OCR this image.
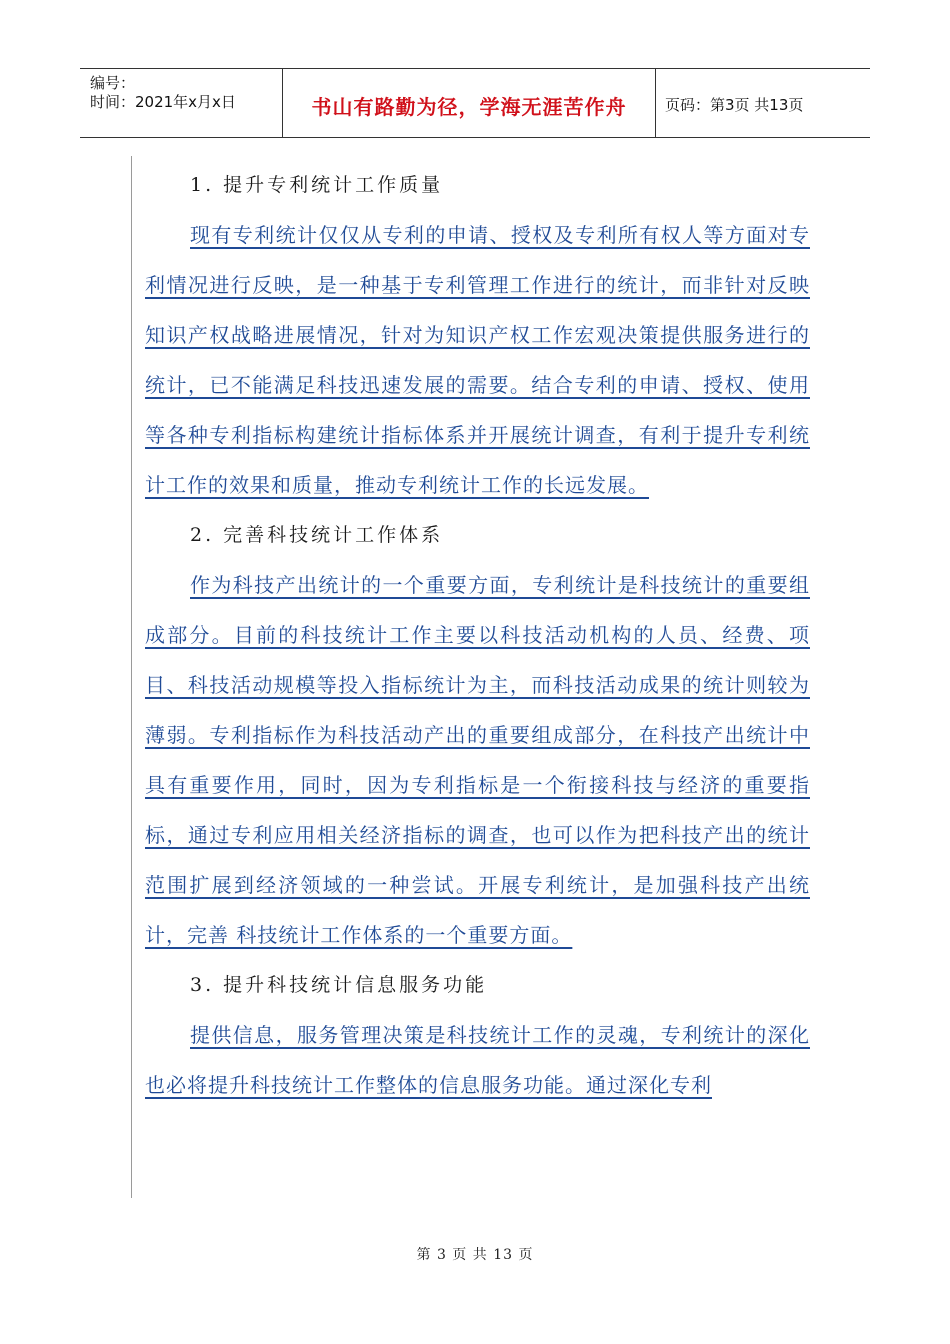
编号：
时间：2021年x月x日	书山有路勤为径，学海无涯苦作舟	页码：第3页 共13页
1. 提升专利统计工作质量

现有专利统计仅仅从专利的申请、授权及专利所有权人等方面对专利情况进行反映，是一种基于专利管理工作进行的统计，而非针对反映知识产权战略进展情况，针对为知识产权工作宏观决策提供服务进行的统计，已不能满足科技迅速发展的需要。结合专利的申请、授权、使用等各种专利指标构建统计指标体系并开展统计调查，有利于提升专利统计工作的效果和质量，推动专利统计工作的长远发展。

2. 完善科技统计工作体系

作为科技产出统计的一个重要方面，专利统计是科技统计的重要组成部分。目前的科技统计工作主要以科技活动机构的人员、经费、项目、科技活动规模等投入指标统计为主，而科技活动成果的统计则较为薄弱。专利指标作为科技活动产出的重要组成部分，在科技产出统计中具有重要作用，同时，因为专利指标是一个衔接科技与经济的重要指标，通过专利应用相关经济指标的调查，也可以作为把科技产出的统计范围扩展到经济领域的一种尝试。开展专利统计，是加强科技产出统计，完善 科技统计工作体系的一个重要方面。

3. 提升科技统计信息服务功能

提供信息，服务管理决策是科技统计工作的灵魂，专利统计的深化也必将提升科技统计工作整体的信息服务功能。通过深化专利

第 3 页 共 13 页
